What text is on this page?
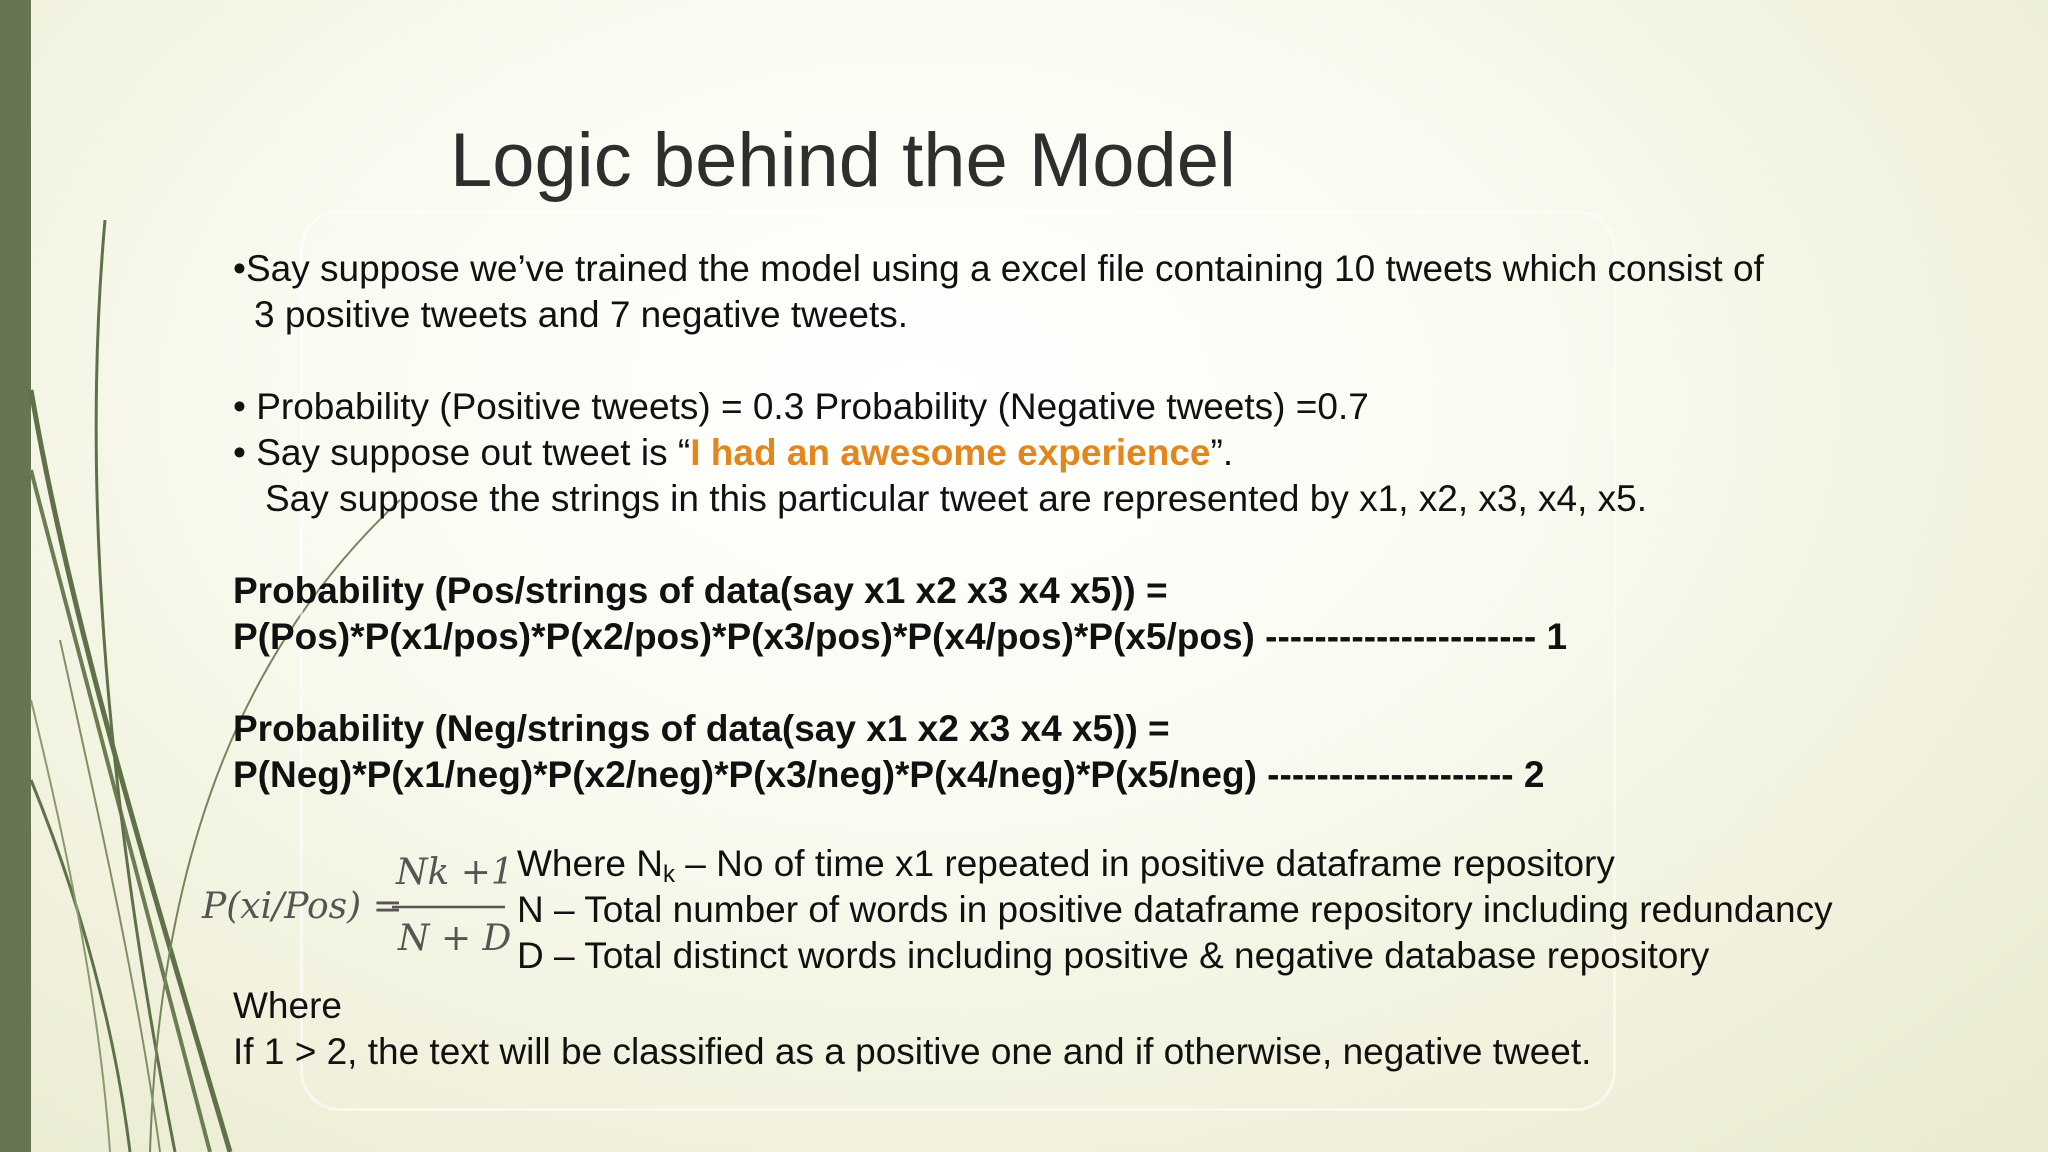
Logic behind the Model
•Say suppose we’ve trained the model using a excel file containing 10 tweets which consist of
3 positive tweets and 7 negative tweets.
• Probability (Positive tweets) = 0.3 Probability (Negative tweets) =0.7
• Say suppose out tweet is “I had an awesome experience”.
Say suppose the strings in this particular tweet are represented by x1, x2, x3, x4, x5.
Probability (Pos/strings of data(say x1 x2 x3 x4 x5)) =
P(Pos)*P(x1/pos)*P(x2/pos)*P(x3/pos)*P(x4/pos)*P(x5/pos) ---------------------- 1
Probability (Neg/strings of data(say x1 x2 x3 x4 x5)) =
P(Neg)*P(x1/neg)*P(x2/neg)*P(x3/neg)*P(x4/neg)*P(x5/neg) -------------------- 2
P(xi/Pos) =
Nk +1
N + D
Where $N_k$ – No of time x1 repeated in positive dataframe repository
N – Total number of words in positive dataframe repository including redundancy
D – Total distinct words including positive & negative database repository
Where
If 1 > 2, the text will be classified as a positive one and if otherwise, negative tweet.
